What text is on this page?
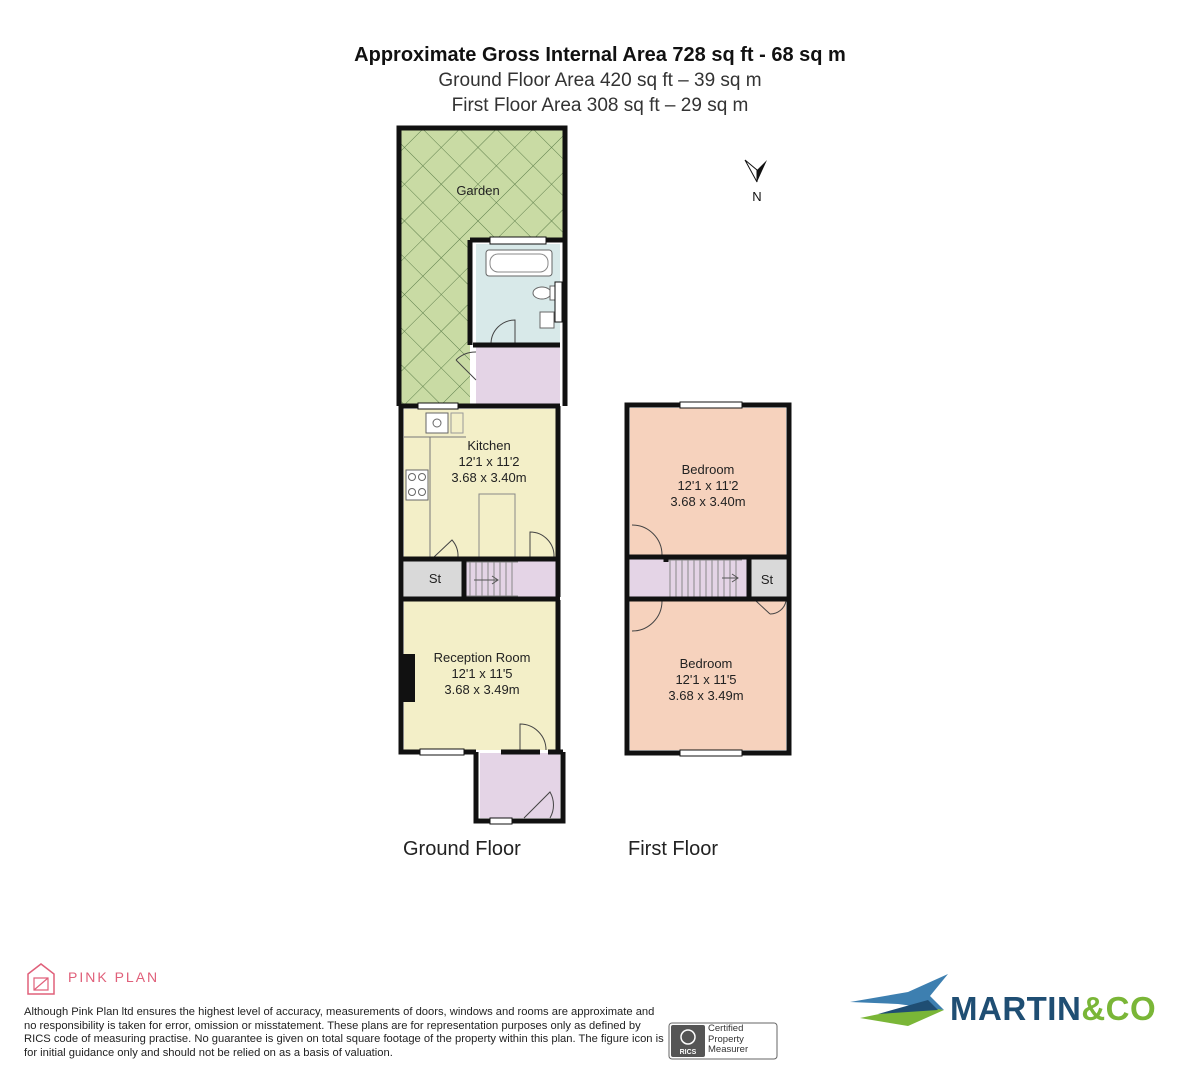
Approximate Gross Internal Area 728 sq ft - 68 sq m
Ground Floor Area 420 sq ft – 39 sq m
First Floor Area 308 sq ft – 29 sq m
Garden
Kitchen
12'1 x 11'2
3.68 x 3.40m
St
Reception Room
12'1 x 11'5
3.68 x 3.49m
Bedroom
12'1 x 11'2
3.68 x 3.40m
St
Bedroom
12'1 x 11'5
3.68 x 3.49m
N
Ground Floor	First Floor
PINK PLAN
Although Pink Plan ltd ensures the highest level of accuracy, measurements of doors, windows and rooms are approximate and no responsibility is taken for error, omission or misstatement. These plans are for representation purposes only as defined by RICS code of measuring practise. No guarantee is given on total square footage of the property within this plan. The figure icon is for initial guidance only and should not be relied on as a basis of valuation.	RICS
Certified
Property
Measurer
MARTIN&CO
